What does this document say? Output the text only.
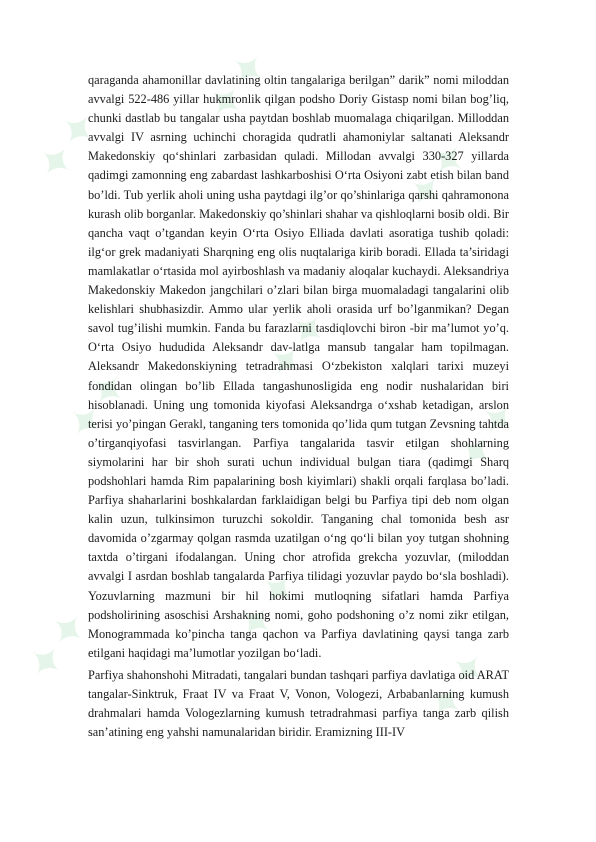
✦✦
✦✦
✦✦
✦✦
✦✦
✦✦
✦✦	✦✦
✦✦

qaraganda ahamonillar davlatining oltin tangalariga berilgan” darik” nomi miloddan avvalgi 522-486 yillar hukmronlik qilgan podsho Doriy Gistasp nomi bilan bog’liq, chunki dastlab bu tangalar usha paytdan boshlab muomalaga chiqarilgan. Milloddan avvalgi IV asrning uchinchi choragida qudratli ahamoniylar saltanati Aleksandr Makedonskiy qo‘shinlari zarbasidan quladi. Millodan avvalgi 330-327 yillarda qadimgi zamonning eng zabardast lashkarboshisi O‘rta Osiyoni zabt etish bilan band bo’ldi. Tub yerlik aholi uning usha paytdagi ilg’or qo’shinlariga qarshi qahramonona kurash olib borganlar. Makedonskiy qo’shinlari shahar va qishloqlarni bosib oldi. Bir qancha vaqt o’tgandan keyin O‘rta Osiyo Elliada davlati asoratiga tushib qoladi: ilg‘or grek madaniyati Sharqning eng olis nuqtalariga kirib boradi. Ellada ta’siridagi mamlakatlar o‘rtasida mol ayirboshlash va madaniy aloqalar kuchaydi. Aleksandriya Makedonskiy Makedon jangchilari o’zlari bilan birga muomaladagi tangalarini olib kelishlari shubhasizdir. Ammo ular yerlik aholi orasida urf bo’lganmikan? Degan savol tug’ilishi mumkin. Fanda bu farazlarni tasdiqlovchi biron -bir ma’lumot yo’q. O‘rta Osiyo hududida Aleksandr dav-latlga mansub tangalar ham topilmagan. Aleksandr Makedonskiyning tetradrahmasi O‘zbekiston xalqlari tarixi muzeyi fondidan olingan bo’lib Ellada tangashunosligida eng nodir nushalaridan biri hisoblanadi. Uning ung tomonida kiyofasi Aleksandrga o‘xshab ketadigan, arslon terisi yo’pingan Gerakl, tanganing ters tomonida qo’lida qum tutgan Zevsning tahtda o’tirganqiyofasi tasvirlangan. Parfiya tangalarida tasvir etilgan shohlarning siymolarini har bir shoh surati uchun individual bulgan tiara (qadimgi Sharq podshohlari hamda Rim papalarining bosh kiyimlari) shakli orqali farqlasa bo’ladi. Parfiya shaharlarini boshkalardan farklaidigan belgi bu Parfiya tipi deb nom olgan kalin uzun, tulkinsimon turuzchi sokoldir. Tanganing chal tomonida besh asr davomida o’zgarmay qolgan rasmda uzatilgan o‘ng qo‘li bilan yoy tutgan shohning taxtda o’tirgani ifodalangan. Uning chor atrofida grekcha yozuvlar, (miloddan avvalgi I asrdan boshlab tangalarda Parfiya tilidagi yozuvlar paydo bo‘sla boshladi). Yozuvlarning mazmuni bir hil hokimi mutloqning sifatlari hamda Parfiya podsholirining asoschisi Arshakning nomi, goho podshoning o’z nomi zikr etilgan, Monogrammada ko’pincha tanga qachon va Parfiya davlatining qaysi tanga zarb etilgani haqidagi ma’lumotlar yozilgan bo‘ladi.

Parfiya shahonshohi Mitradati, tangalari bundan tashqari parfiya davlatiga oid ARAT tangalar-Sinktruk, Fraat IV va Fraat V, Vonon, Vologezi, Arbabanlarning kumush drahmalari hamda Vologezlarning kumush tetradrahmasi parfiya tanga zarb qilish san’atining eng yahshi namunalaridan biridir. Eramizning III-IV
